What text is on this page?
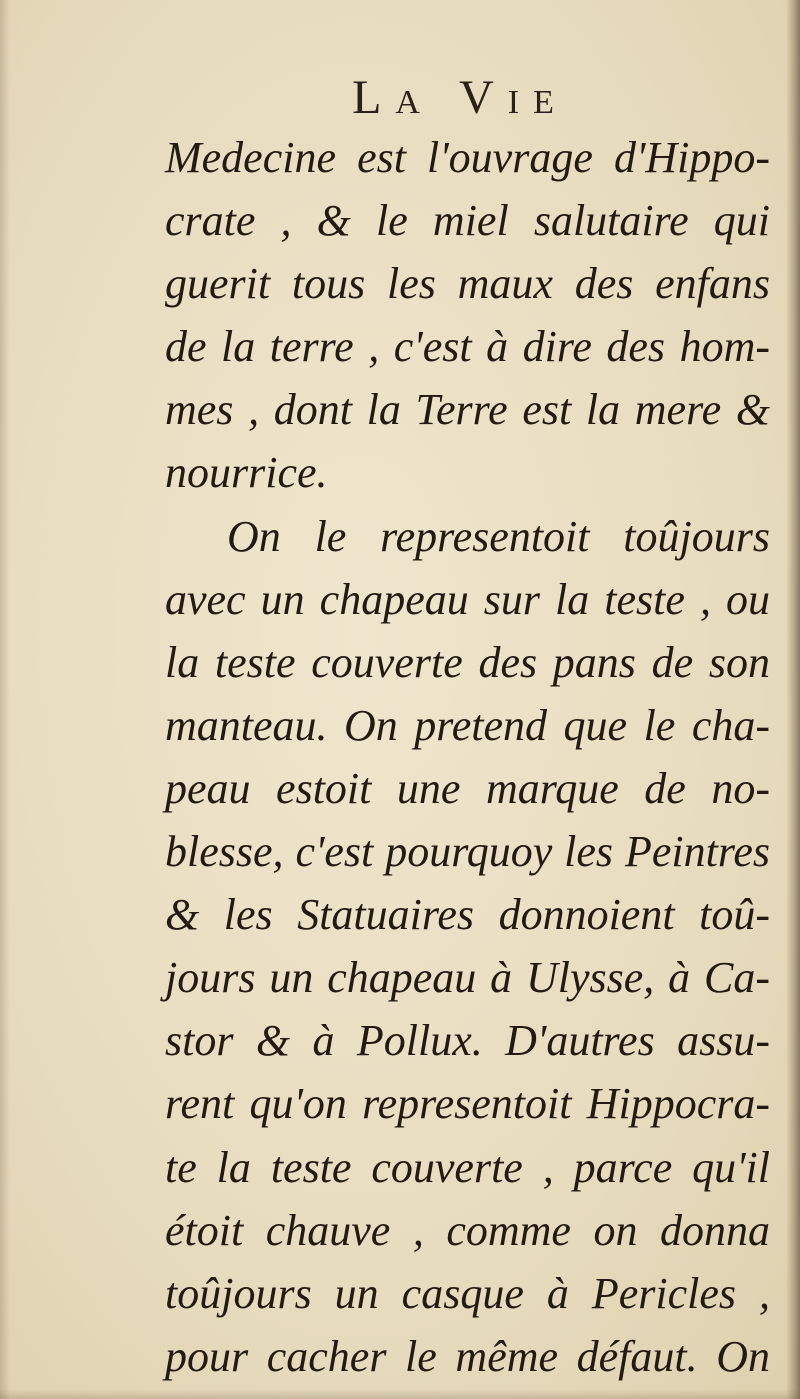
La Vie
Medecine est l'ouvrage d'Hippo-
crate , & le miel salutaire qui
guerit tous les maux des enfans
de la terre , c'est à dire des hom-
mes , dont la Terre est la mere &
nourrice.
On le representoit toûjours
avec un chapeau sur la teste , ou
la teste couverte des pans de son
manteau. On pretend que le cha-
peau estoit une marque de no-
blesse, c'est pourquoy les Peintres
& les Statuaires donnoient toû-
jours un chapeau à Ulysse, à Ca-
stor & à Pollux. D'autres assu-
rent qu'on representoit Hippocra-
te la teste couverte , parce qu'il
étoit chauve , comme on donna
toûjours un casque à Pericles ,
pour cacher le même défaut. On
